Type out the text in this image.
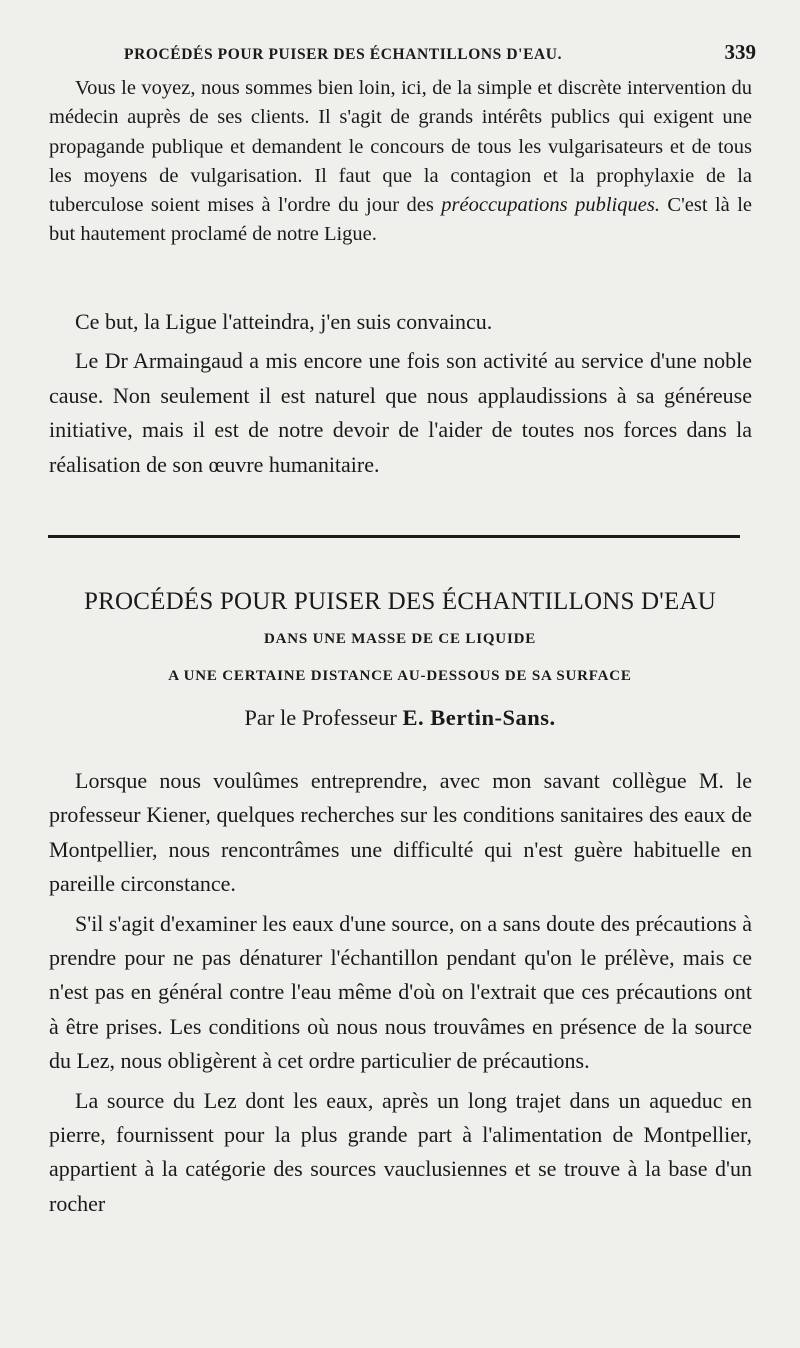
PROCÉDÉS POUR PUISER DES ÉCHANTILLONS D'EAU.	339

Vous le voyez, nous sommes bien loin, ici, de la simple et discrète intervention du médecin auprès de ses clients. Il s'agit de grands intérêts publics qui exigent une propagande publique et demandent le concours de tous les vulgarisateurs et de tous les moyens de vulgarisation. Il faut que la contagion et la prophylaxie de la tuberculose soient mises à l'ordre du jour des préoccupations publiques. C'est là le but hautement proclamé de notre Ligue.

Ce but, la Ligue l'atteindra, j'en suis convaincu.

Le Dr Armaingaud a mis encore une fois son activité au service d'une noble cause. Non seulement il est naturel que nous applaudissions à sa généreuse initiative, mais il est de notre devoir de l'aider de toutes nos forces dans la réalisation de son œuvre humanitaire.

PROCÉDÉS POUR PUISER DES ÉCHANTILLONS D'EAU
DANS UNE MASSE DE CE LIQUIDE
A UNE CERTAINE DISTANCE AU-DESSOUS DE SA SURFACE
Par le Professeur E. Bertin-Sans.

Lorsque nous voulûmes entreprendre, avec mon savant collègue M. le professeur Kiener, quelques recherches sur les conditions sanitaires des eaux de Montpellier, nous rencontrâmes une difficulté qui n'est guère habituelle en pareille circonstance.

S'il s'agit d'examiner les eaux d'une source, on a sans doute des précautions à prendre pour ne pas dénaturer l'échantillon pendant qu'on le prélève, mais ce n'est pas en général contre l'eau même d'où on l'extrait que ces précautions ont à être prises. Les conditions où nous nous trouvâmes en présence de la source du Lez, nous obligèrent à cet ordre particulier de précautions.

La source du Lez dont les eaux, après un long trajet dans un aqueduc en pierre, fournissent pour la plus grande part à l'alimentation de Montpellier, appartient à la catégorie des sources vauclusiennes et se trouve à la base d'un rocher
